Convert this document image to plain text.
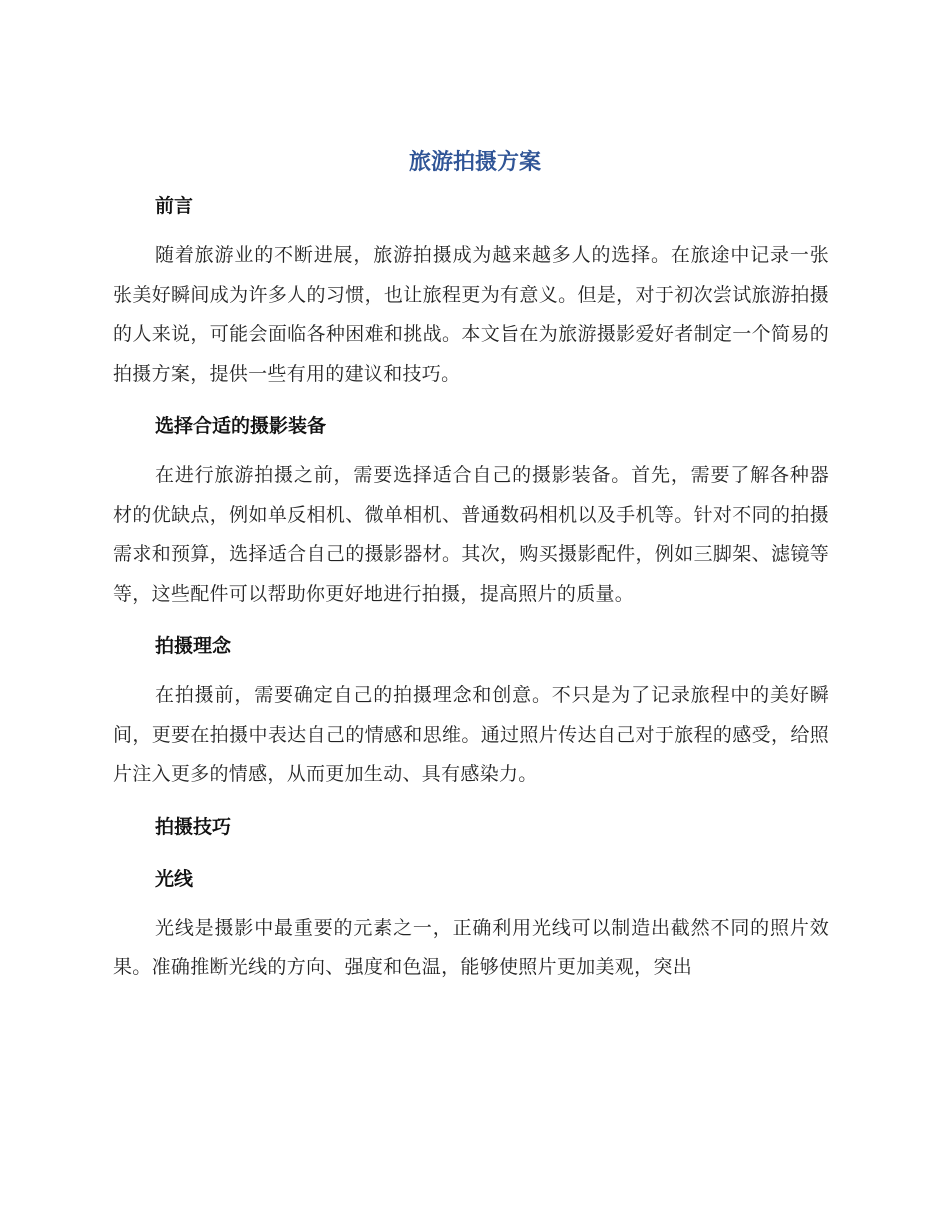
旅游拍摄方案
前言

随着旅游业的不断进展，旅游拍摄成为越来越多人的选择。在旅途中记录一张张美好瞬间成为许多人的习惯，也让旅程更为有意义。但是，对于初次尝试旅游拍摄的人来说，可能会面临各种困难和挑战。本文旨在为旅游摄影爱好者制定一个简易的拍摄方案，提供一些有用的建议和技巧。

选择合适的摄影装备

在进行旅游拍摄之前，需要选择适合自己的摄影装备。首先，需要了解各种器材的优缺点，例如单反相机、微单相机、普通数码相机以及手机等。针对不同的拍摄需求和预算，选择适合自己的摄影器材。其次，购买摄影配件，例如三脚架、滤镜等等，这些配件可以帮助你更好地进行拍摄，提高照片的质量。

拍摄理念

在拍摄前，需要确定自己的拍摄理念和创意。不只是为了记录旅程中的美好瞬间，更要在拍摄中表达自己的情感和思维。通过照片传达自己对于旅程的感受，给照片注入更多的情感，从而更加生动、具有感染力。

拍摄技巧
光线

光线是摄影中最重要的元素之一，正确利用光线可以制造出截然不同的照片效果。准确推断光线的方向、强度和色温，能够使照片更加美观，突出
